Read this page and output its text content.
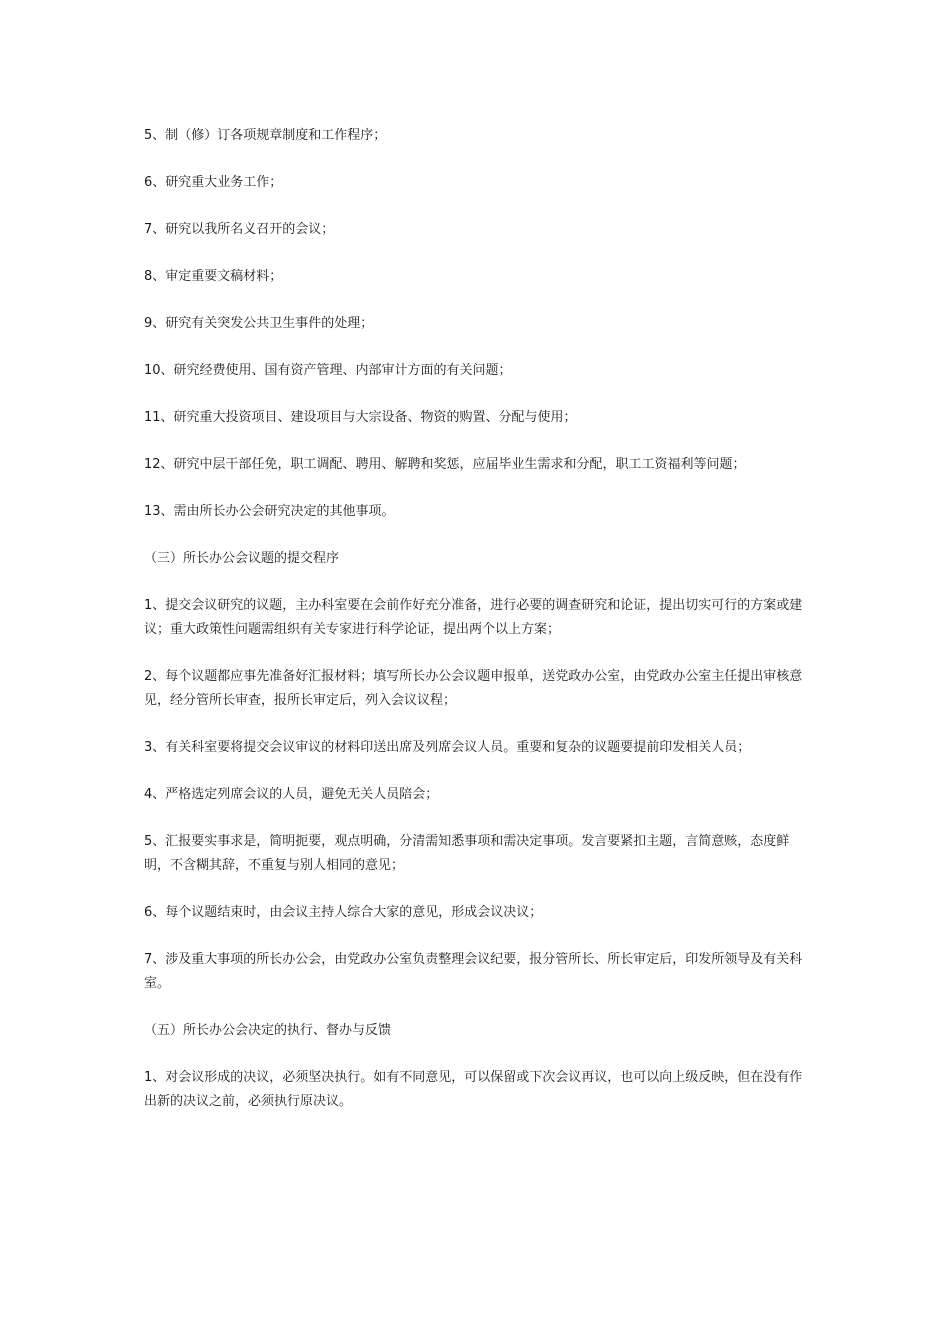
5、制（修）订各项规章制度和工作程序；

6、研究重大业务工作；

7、研究以我所名义召开的会议；

8、审定重要文稿材料；

9、研究有关突发公共卫生事件的处理；

10、研究经费使用、国有资产管理、内部审计方面的有关问题；

11、研究重大投资项目、建设项目与大宗设备、物资的购置、分配与使用；

12、研究中层干部任免，职工调配、聘用、解聘和奖惩，应届毕业生需求和分配，职工工资福利等问题；

13、需由所长办公会研究决定的其他事项。

（三）所长办公会议题的提交程序

1、提交会议研究的议题，主办科室要在会前作好充分准备，进行必要的调查研究和论证，提出切实可行的方案或建议；重大政策性问题需组织有关专家进行科学论证，提出两个以上方案；

2、每个议题都应事先准备好汇报材料；填写所长办公会议题申报单，送党政办公室，由党政办公室主任提出审核意见，经分管所长审查，报所长审定后，列入会议议程；

3、有关科室要将提交会议审议的材料印送出席及列席会议人员。重要和复杂的议题要提前印发相关人员；

4、严格选定列席会议的人员，避免无关人员陪会；

5、汇报要实事求是，简明扼要，观点明确，分清需知悉事项和需决定事项。发言要紧扣主题，言简意赅，态度鲜明，不含糊其辞，不重复与别人相同的意见；

6、每个议题结束时，由会议主持人综合大家的意见，形成会议决议；

7、涉及重大事项的所长办公会，由党政办公室负责整理会议纪要，报分管所长、所长审定后，印发所领导及有关科室。

（五）所长办公会决定的执行、督办与反馈

1、对会议形成的决议，必须坚决执行。如有不同意见，可以保留或下次会议再议，也可以向上级反映，但在没有作出新的决议之前，必须执行原决议。
